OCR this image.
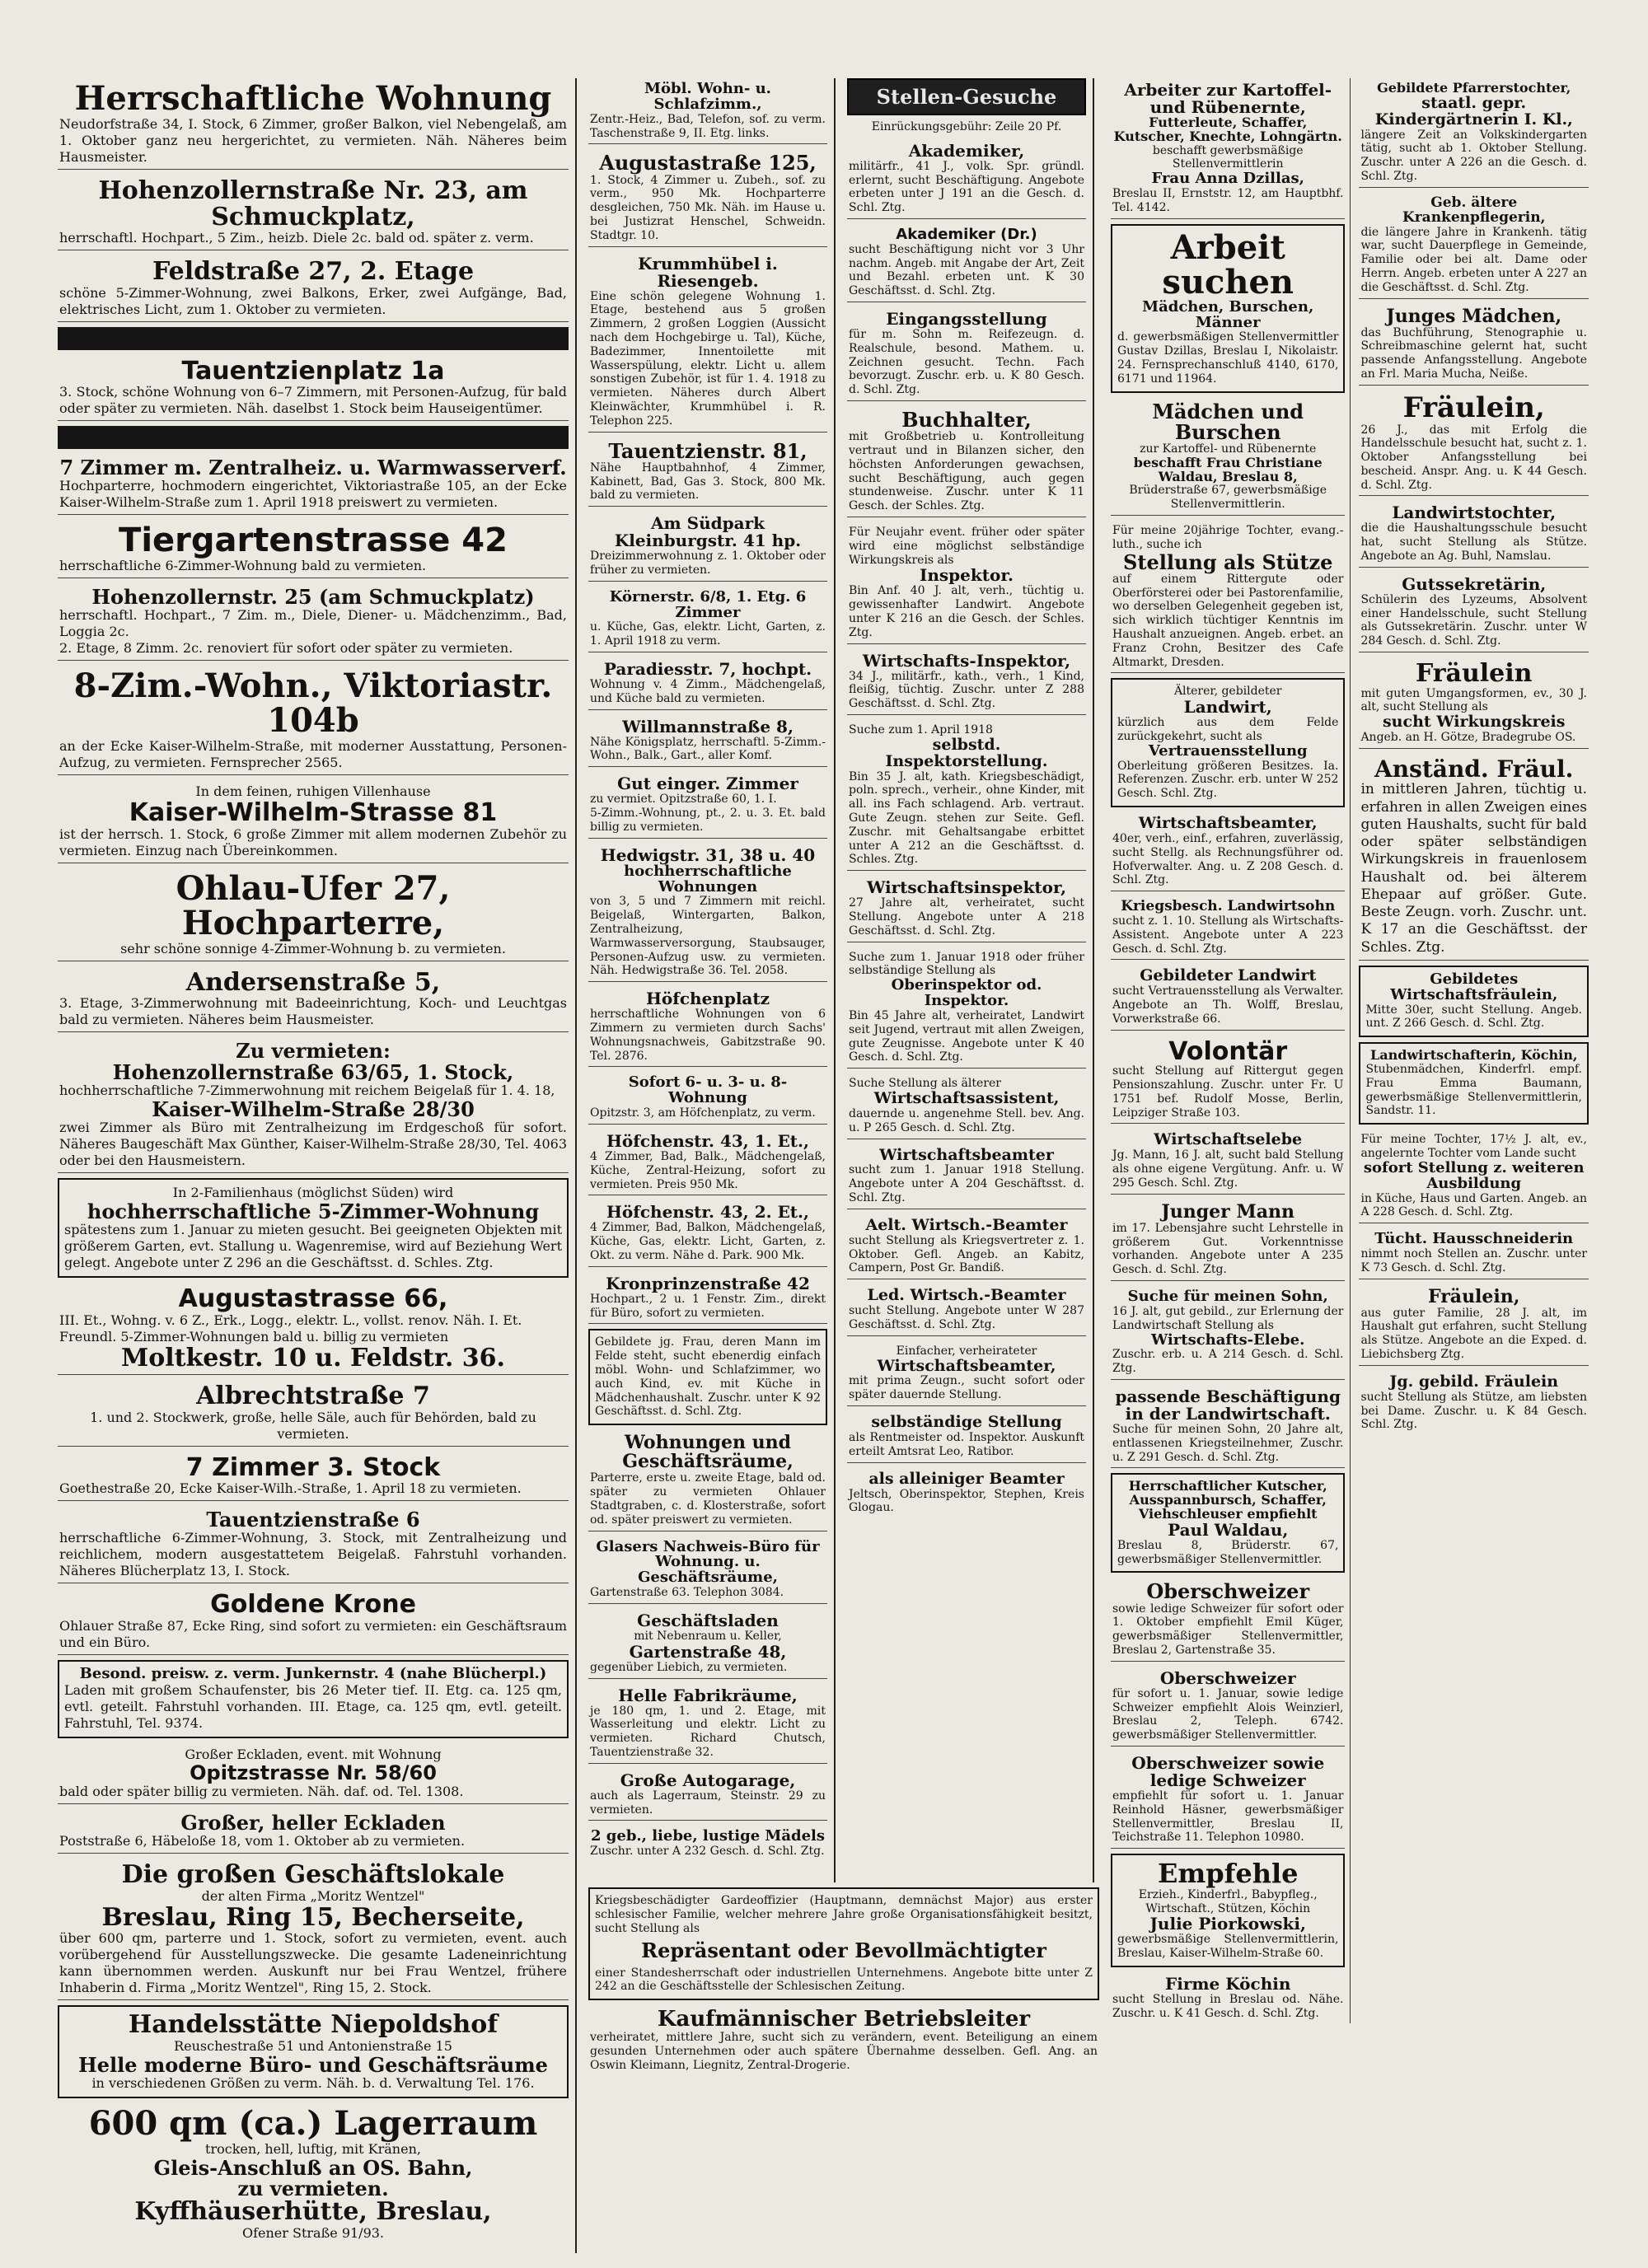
Herrschaftliche Wohnung
Neudorfstraße 34, I. Stock, 6 Zimmer, großer Balkon, viel Nebengelaß, am 1. Oktober ganz neu hergerichtet, zu vermieten. Näh. Näheres beim Hausmeister.
Hohenzollernstraße Nr. 23, am Schmuckplatz,
herrschaftl. Hochpart., 5 Zim., heizb. Diele 2c. bald od. später z. verm.
Feldstraße 27, 2. Etage
schöne 5-Zimmer-Wohnung, zwei Balkons, Erker, zwei Aufgänge, Bad, elektrisches Licht, zum 1. Oktober zu vermieten.
Tauentzienplatz 1a
3. Stock, schöne Wohnung von 6–7 Zimmern, mit Personen-Aufzug, für bald oder später zu vermieten. Näh. daselbst 1. Stock beim Hauseigentümer.
7 Zimmer m. Zentralheiz. u. Warmwasserverf.
Hochparterre, hochmodern eingerichtet, Viktoriastraße 105, an der Ecke Kaiser-Wilhelm-Straße zum 1. April 1918 preiswert zu vermieten.
Tiergartenstrasse 42
herrschaftliche 6-Zimmer-Wohnung bald zu vermieten.
Hohenzollernstr. 25 (am Schmuckplatz)
herrschaftl. Hochpart., 7 Zim. m., Diele, Diener- u. Mädchenzimm., Bad, Loggia 2c.
2. Etage, 8 Zimm. 2c. renoviert für sofort oder später zu vermieten.
8-Zim.-Wohn., Viktoriastr. 104b
an der Ecke Kaiser-Wilhelm-Straße, mit moderner Ausstattung, Personen-Aufzug, zu vermieten. Fernsprecher 2565.
In dem feinen, ruhigen Villenhause
Kaiser-Wilhelm-Strasse 81
ist der herrsch. 1. Stock, 6 große Zimmer mit allem modernen Zubehör zu vermieten. Einzug nach Übereinkommen.
Ohlau-Ufer 27, Hochparterre,
sehr schöne sonnige 4-Zimmer-Wohnung b. zu vermieten.
Andersenstraße 5,
3. Etage, 3-Zimmerwohnung mit Badeeinrichtung, Koch- und Leuchtgas bald zu vermieten. Näheres beim Hausmeister.
Zu vermieten:
Hohenzollernstraße 63/65, 1. Stock,
hochherrschaftliche 7-Zimmerwohnung mit reichem Beigelaß für 1. 4. 18,
Kaiser-Wilhelm-Straße 28/30
zwei Zimmer als Büro mit Zentralheizung im Erdgeschoß für sofort. Näheres Baugeschäft Max Günther, Kaiser-Wilhelm-Straße 28/30, Tel. 4063 oder bei den Hausmeistern.
In 2-Familienhaus (möglichst Süden) wird
hochherrschaftliche 5-Zimmer-Wohnung
spätestens zum 1. Januar zu mieten gesucht. Bei geeigneten Objekten mit größerem Garten, evt. Stallung u. Wagenremise, wird auf Beziehung Wert gelegt. Angebote unter Z 296 an die Geschäftsst. d. Schles. Ztg.
Augustastrasse 66,
III. Et., Wohng. v. 6 Z., Erk., Logg., elektr. L., vollst. renov. Näh. I. Et.
Freundl. 5-Zimmer-Wohnungen bald u. billig zu vermieten
Moltkestr. 10 u. Feldstr. 36.
Albrechtstraße 7
1. und 2. Stockwerk, große, helle Säle, auch für Behörden, bald zu vermieten.
7 Zimmer 3. Stock
Goethestraße 20, Ecke Kaiser-Wilh.-Straße, 1. April 18 zu vermieten.
Tauentzienstraße 6
herrschaftliche 6-Zimmer-Wohnung, 3. Stock, mit Zentralheizung und reichlichem, modern ausgestattetem Beigelaß. Fahrstuhl vorhanden. Näheres Blücherplatz 13, I. Stock.
Goldene Krone
Ohlauer Straße 87, Ecke Ring, sind sofort zu vermieten: ein Geschäftsraum und ein Büro.
Besond. preisw. z. verm. Junkernstr. 4 (nahe Blücherpl.)
Laden mit großem Schaufenster, bis 26 Meter tief. II. Etg. ca. 125 qm, evtl. geteilt. Fahrstuhl vorhanden. III. Etage, ca. 125 qm, evtl. geteilt. Fahrstuhl, Tel. 9374.
Großer Eckladen, event. mit Wohnung
Opitzstrasse Nr. 58/60
bald oder später billig zu vermieten. Näh. daf. od. Tel. 1308.
Großer, heller Eckladen
Poststraße 6, Häbeloße 18, vom 1. Oktober ab zu vermieten.
Die großen Geschäftslokale
der alten Firma „Moritz Wentzel"
Breslau, Ring 15, Becherseite,
über 600 qm, parterre und 1. Stock, sofort zu vermieten, event. auch vorübergehend für Ausstellungszwecke. Die gesamte Ladeneinrichtung kann übernommen werden. Auskunft nur bei Frau Wentzel, frühere Inhaberin d. Firma „Moritz Wentzel", Ring 15, 2. Stock.
Handelsstätte Niepoldshof
Reuschestraße 51 und Antonienstraße 15
Helle moderne Büro- und Geschäftsräume
in verschiedenen Größen zu verm. Näh. b. d. Verwaltung Tel. 176.
600 qm (ca.) Lagerraum
trocken, hell, luftig, mit Kränen,
Gleis-Anschluß an OS. Bahn,
zu vermieten.
Kyffhäuserhütte, Breslau,
Ofener Straße 91/93.
Möbl. Wohn- u. Schlafzimm.,
Zentr.-Heiz., Bad, Telefon, sof. zu verm. Taschenstraße 9, II. Etg. links.
Augustastraße 125,
1. Stock, 4 Zimmer u. Zubeh., sof. zu verm., 950 Mk. Hochparterre desgleichen, 750 Mk. Näh. im Hause u. bei Justizrat Henschel, Schweidn. Stadtgr. 10.
Krummhübel i. Riesengeb.
Eine schön gelegene Wohnung 1. Etage, bestehend aus 5 großen Zimmern, 2 großen Loggien (Aussicht nach dem Hochgebirge u. Tal), Küche, Badezimmer, Innentoilette mit Wasserspülung, elektr. Licht u. allem sonstigen Zubehör, ist für 1. 4. 1918 zu vermieten. Näheres durch Albert Kleinwächter, Krummhübel i. R. Telephon 225.
Tauentzienstr. 81,
Nähe Hauptbahnhof, 4 Zimmer, Kabinett, Bad, Gas 3. Stock, 800 Mk. bald zu vermieten.
Am Südpark Kleinburgstr. 41 hp.
Dreizimmerwohnung z. 1. Oktober oder früher zu vermieten.
Körnerstr. 6/8, 1. Etg. 6 Zimmer
u. Küche, Gas, elektr. Licht, Garten, z. 1. April 1918 zu verm.
Paradiesstr. 7, hochpt.
Wohnung v. 4 Zimm., Mädchengelaß, und Küche bald zu vermieten.
Willmannstraße 8,
Nähe Königsplatz, herrschaftl. 5-Zimm.-Wohn., Balk., Gart., aller Komf.
Gut einger. Zimmer
zu vermiet. Opitzstraße 60, 1. I.
5-Zimm.-Wohnung, pt., 2. u. 3. Et. bald billig zu vermieten.
Hedwigstr. 31, 38 u. 40
hochherrschaftliche Wohnungen
von 3, 5 und 7 Zimmern mit reichl. Beigelaß, Wintergarten, Balkon, Zentralheizung, Warmwasserversorgung, Staubsauger, Personen-Aufzug usw. zu vermieten. Näh. Hedwigstraße 36. Tel. 2058.
Höfchenplatz
herrschaftliche Wohnungen von 6 Zimmern zu vermieten durch Sachs' Wohnungsnachweis, Gabitzstraße 90. Tel. 2876.
Sofort 6- u. 3- u. 8-Wohnung
Opitzstr. 3, am Höfchenplatz, zu verm.
Höfchenstr. 43, 1. Et.,
4 Zimmer, Bad, Balk., Mädchengelaß, Küche, Zentral-Heizung, sofort zu vermieten. Preis 950 Mk.
Höfchenstr. 43, 2. Et.,
4 Zimmer, Bad, Balkon, Mädchengelaß, Küche, Gas, elektr. Licht, Garten, z. Okt. zu verm. Nähe d. Park. 900 Mk.
Kronprinzenstraße 42
Hochpart., 2 u. 1 Fenstr. Zim., direkt für Büro, sofort zu vermieten.
Gebildete jg. Frau, deren Mann im Felde steht, sucht ebenerdig einfach möbl. Wohn- und Schlafzimmer, wo auch Kind, ev. mit Küche in Mädchenhaushalt. Zuschr. unter K 92 Geschäftsst. d. Schl. Ztg.
Wohnungen und Geschäftsräume,
Parterre, erste u. zweite Etage, bald od. später zu vermieten Ohlauer Stadtgraben, c. d. Klosterstraße, sofort od. später preiswert zu vermieten.
Glasers Nachweis-Büro für Wohnung. u. Geschäftsräume,
Gartenstraße 63. Telephon 3084.
Geschäftsladen
mit Nebenraum u. Keller,
Gartenstraße 48,
gegenüber Liebich, zu vermieten.
Helle Fabrikräume,
je 180 qm, 1. und 2. Etage, mit Wasserleitung und elektr. Licht zu vermieten. Richard Chutsch, Tauentzienstraße 32.
Große Autogarage,
auch als Lagerraum, Steinstr. 29 zu vermieten.
2 geb., liebe, lustige Mädels
Zuschr. unter A 232 Gesch. d. Schl. Ztg.
Stellen-Gesuche
Einrückungsgebühr: Zeile 20 Pf.
Akademiker,
militärfr., 41 J., volk. Spr. gründl. erlernt, sucht Beschäftigung. Angebote erbeten unter J 191 an die Gesch. d. Schl. Ztg.
Akademiker (Dr.)
sucht Beschäftigung nicht vor 3 Uhr nachm. Angeb. mit Angabe der Art, Zeit und Bezahl. erbeten unt. K 30 Geschäftsst. d. Schl. Ztg.
Eingangsstellung
für m. Sohn m. Reifezeugn. d. Realschule, besond. Mathem. u. Zeichnen gesucht. Techn. Fach bevorzugt. Zuschr. erb. u. K 80 Gesch. d. Schl. Ztg.
Buchhalter,
mit Großbetrieb u. Kontrolleitung vertraut und in Bilanzen sicher, den höchsten Anforderungen gewachsen, sucht Beschäftigung, auch gegen stundenweise. Zuschr. unter K 11 Gesch. der Schles. Ztg.
Für Neujahr event. früher oder später wird eine möglichst selbständige Wirkungskreis als
Inspektor.
Bin Anf. 40 J. alt, verh., tüchtig u. gewissenhafter Landwirt. Angebote unter K 216 an die Gesch. der Schles. Ztg.
Wirtschafts-Inspektor,
34 J., militärfr., kath., verh., 1 Kind, fleißig, tüchtig. Zuschr. unter Z 288 Geschäftsst. d. Schl. Ztg.
Suche zum 1. April 1918
selbstd. Inspektorstellung.
Bin 35 J. alt, kath. Kriegsbeschädigt, poln. sprech., verheir., ohne Kinder, mit all. ins Fach schlagend. Arb. vertraut. Gute Zeugn. stehen zur Seite. Gefl. Zuschr. mit Gehaltsangabe erbittet unter A 212 an die Geschäftsst. d. Schles. Ztg.
Wirtschaftsinspektor,
27 Jahre alt, verheiratet, sucht Stellung. Angebote unter A 218 Geschäftsst. d. Schl. Ztg.
Suche zum 1. Januar 1918 oder früher selbständige Stellung als
Oberinspektor od. Inspektor.
Bin 45 Jahre alt, verheiratet, Landwirt seit Jugend, vertraut mit allen Zweigen, gute Zeugnisse. Angebote unter K 40 Gesch. d. Schl. Ztg.
Suche Stellung als älterer
Wirtschaftsassistent,
dauernde u. angenehme Stell. bev. Ang. u. P 265 Gesch. d. Schl. Ztg.
Wirtschaftsbeamter
sucht zum 1. Januar 1918 Stellung. Angebote unter A 204 Geschäftsst. d. Schl. Ztg.
Aelt. Wirtsch.-Beamter
sucht Stellung als Kriegsvertreter z. 1. Oktober. Gefl. Angeb. an Kabitz, Campern, Post Gr. Bandiß.
Led. Wirtsch.-Beamter
sucht Stellung. Angebote unter W 287 Geschäftsst. d. Schl. Ztg.
Einfacher, verheirateter
Wirtschaftsbeamter,
mit prima Zeugn., sucht sofort oder später dauernde Stellung.
selbständige Stellung
als Rentmeister od. Inspektor. Auskunft erteilt Amtsrat Leo, Ratibor.
als alleiniger Beamter
Jeltsch, Oberinspektor, Stephen, Kreis Glogau.
Kriegsbeschädigter Gardeoffizier (Hauptmann, demnächst Major) aus erster schlesischer Familie, welcher mehrere Jahre große Organisationsfähigkeit besitzt, sucht Stellung als
Repräsentant oder Bevollmächtigter
einer Standesherrschaft oder industriellen Unternehmens. Angebote bitte unter Z 242 an die Geschäftsstelle der Schlesischen Zeitung.
Kaufmännischer Betriebsleiter
verheiratet, mittlere Jahre, sucht sich zu verändern, event. Beteiligung an einem gesunden Unternehmen oder auch spätere Übernahme desselben. Gefl. Ang. an Oswin Kleimann, Liegnitz, Zentral-Drogerie.
Arbeiter zur Kartoffel- und Rübenernte,
Futterleute, Schaffer, Kutscher, Knechte, Lohngärtn.
beschafft gewerbsmäßige Stellenvermittlerin
Frau Anna Dzillas,
Breslau II, Ernststr. 12, am Hauptbhf. Tel. 4142.
Arbeit suchen
Mädchen, Burschen, Männer
d. gewerbsmäßigen Stellenvermittler Gustav Dzillas, Breslau I, Nikolaistr. 24. Fernsprechanschluß 4140, 6170, 6171 und 11964.
Mädchen und Burschen
zur Kartoffel- und Rübenernte
beschafft Frau Christiane Waldau, Breslau 8,
Brüderstraße 67, gewerbsmäßige Stellenvermittlerin.
Für meine 20jährige Tochter, evang.-luth., suche ich
Stellung als Stütze
auf einem Rittergute oder Oberförsterei oder bei Pastorenfamilie, wo derselben Gelegenheit gegeben ist, sich wirklich tüchtiger Kenntnis im Haushalt anzueignen. Angeb. erbet. an Franz Crohn, Besitzer des Cafe Altmarkt, Dresden.
Älterer, gebildeter
Landwirt,
kürzlich aus dem Felde zurückgekehrt, sucht als
Vertrauensstellung
Oberleitung größeren Besitzes. Ia. Referenzen. Zuschr. erb. unter W 252 Gesch. Schl. Ztg.
Wirtschaftsbeamter,
40er, verh., einf., erfahren, zuverlässig, sucht Stellg. als Rechnungsführer od. Hofverwalter. Ang. u. Z 208 Gesch. d. Schl. Ztg.
Kriegsbesch. Landwirtsohn
sucht z. 1. 10. Stellung als Wirtschafts-Assistent. Angebote unter A 223 Gesch. d. Schl. Ztg.
Gebildeter Landwirt
sucht Vertrauensstellung als Verwalter. Angebote an Th. Wolff, Breslau, Vorwerkstraße 66.
Volontär
sucht Stellung auf Rittergut gegen Pensionszahlung. Zuschr. unter Fr. U 1751 bef. Rudolf Mosse, Berlin, Leipziger Straße 103.
Wirtschaftselebe
Jg. Mann, 16 J. alt, sucht bald Stellung als ohne eigene Vergütung. Anfr. u. W 295 Gesch. Schl. Ztg.
Junger Mann
im 17. Lebensjahre sucht Lehrstelle in größerem Gut. Vorkenntnisse vorhanden. Angebote unter A 235 Gesch. d. Schl. Ztg.
Suche für meinen Sohn,
16 J. alt, gut gebild., zur Erlernung der Landwirtschaft Stellung als
Wirtschafts-Elebe.
Zuschr. erb. u. A 214 Gesch. d. Schl. Ztg.
passende Beschäftigung in der Landwirtschaft.
Suche für meinen Sohn, 20 Jahre alt, entlassenen Kriegsteilnehmer, Zuschr. u. Z 291 Gesch. d. Schl. Ztg.
Herrschaftlicher Kutscher, Ausspannbursch, Schaffer, Viehschleuser empfiehlt
Paul Waldau,
Breslau 8, Brüderstr. 67, gewerbsmäßiger Stellenvermittler.
Oberschweizer
sowie ledige Schweizer für sofort oder 1. Oktober empfiehlt Emil Küger, gewerbsmäßiger Stellenvermittler, Breslau 2, Gartenstraße 35.
Oberschweizer
für sofort u. 1. Januar, sowie ledige Schweizer empfiehlt Alois Weinzierl, Breslau 2, Teleph. 6742. gewerbsmäßiger Stellenvermittler.
Oberschweizer sowie ledige Schweizer
empfiehlt für sofort u. 1. Januar Reinhold Häsner, gewerbsmäßiger Stellenvermittler, Breslau II, Teichstraße 11. Telephon 10980.
Empfehle
Erzieh., Kinderfrl., Babypfleg., Wirtschaft., Stützen, Köchin
Julie Piorkowski,
gewerbsmäßige Stellenvermittlerin, Breslau, Kaiser-Wilhelm-Straße 60.
Firme Köchin
sucht Stellung in Breslau od. Nähe. Zuschr. u. K 41 Gesch. d. Schl. Ztg.
Gebildete Pfarrerstochter,
staatl. gepr. Kindergärtnerin I. Kl.,
längere Zeit an Volkskindergarten tätig, sucht ab 1. Oktober Stellung. Zuschr. unter A 226 an die Gesch. d. Schl. Ztg.
Geb. ältere Krankenpflegerin,
die längere Jahre in Krankenh. tätig war, sucht Dauerpflege in Gemeinde, Familie oder bei alt. Dame oder Herrn. Angeb. erbeten unter A 227 an die Geschäftsst. d. Schl. Ztg.
Junges Mädchen,
das Buchführung, Stenographie u. Schreibmaschine gelernt hat, sucht passende Anfangsstellung. Angebote an Frl. Maria Mucha, Neiße.
Fräulein,
26 J., das mit Erfolg die Handelsschule besucht hat, sucht z. 1. Oktober Anfangsstellung bei bescheid. Anspr. Ang. u. K 44 Gesch. d. Schl. Ztg.
Landwirtstochter,
die die Haushaltungsschule besucht hat, sucht Stellung als Stütze. Angebote an Ag. Buhl, Namslau.
Gutssekretärin,
Schülerin des Lyzeums, Absolvent einer Handelsschule, sucht Stellung als Gutssekretärin. Zuschr. unter W 284 Gesch. d. Schl. Ztg.
Fräulein
mit guten Umgangsformen, ev., 30 J. alt, sucht Stellung als
sucht Wirkungskreis
Angeb. an H. Götze, Bradegrube OS.
Anständ. Fräul.
in mittleren Jahren, tüchtig u. erfahren in allen Zweigen eines guten Haushalts, sucht für bald oder später selbständigen Wirkungskreis in frauenlosem Haushalt od. bei älterem Ehepaar auf größer. Gute. Beste Zeugn. vorh. Zuschr. unt. K 17 an die Geschäftsst. der Schles. Ztg.
Gebildetes Wirtschaftsfräulein,
Mitte 30er, sucht Stellung. Angeb. unt. Z 266 Gesch. d. Schl. Ztg.
Landwirtschafterin, Köchin,
Stubenmädchen, Kinderfrl. empf. Frau Emma Baumann, gewerbsmäßige Stellenvermittlerin, Sandstr. 11.
Für meine Tochter, 17½ J. alt, ev., angelernte Tochter vom Lande sucht
sofort Stellung z. weiteren Ausbildung
in Küche, Haus und Garten. Angeb. an A 228 Gesch. d. Schl. Ztg.
Tücht. Hausschneiderin
nimmt noch Stellen an. Zuschr. unter K 73 Gesch. d. Schl. Ztg.
Fräulein,
aus guter Familie, 28 J. alt, im Haushalt gut erfahren, sucht Stellung als Stütze. Angebote an die Exped. d. Liebichsberg Ztg.
Jg. gebild. Fräulein
sucht Stellung als Stütze, am liebsten bei Dame. Zuschr. u. K 84 Gesch. Schl. Ztg.
